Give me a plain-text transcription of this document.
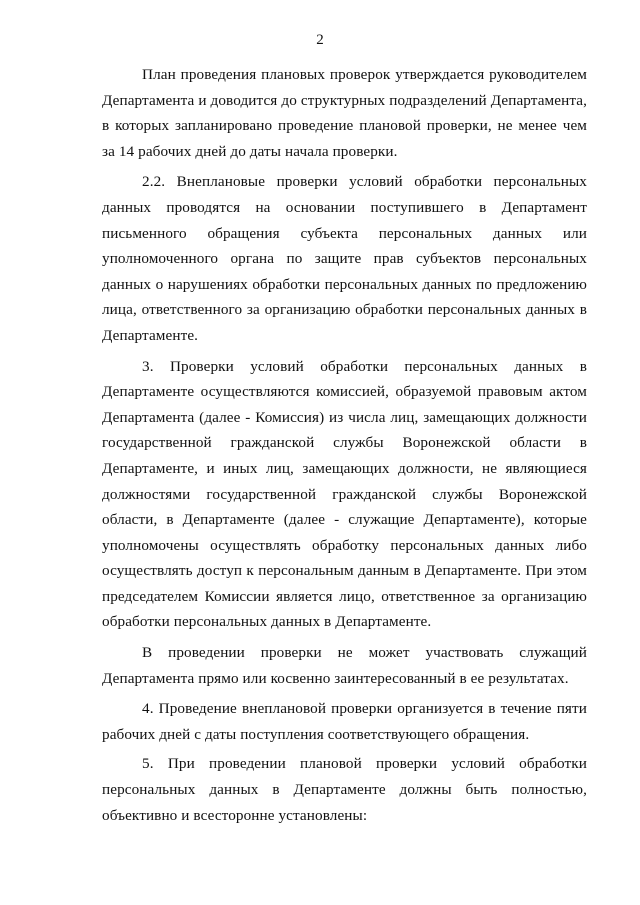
2

План проведения плановых проверок утверждается руководителем Департамента и доводится до структурных подразделений Департамента, в которых запланировано проведение плановой проверки, не менее чем за 14 рабочих дней до даты начала проверки.

2.2. Внеплановые проверки условий обработки персональных данных проводятся на основании поступившего в Департамент письменного обращения субъекта персональных данных или уполномоченного органа по защите прав субъектов персональных данных о нарушениях обработки персональных данных по предложению лица, ответственного за организацию обработки персональных данных в Департаменте.

3. Проверки условий обработки персональных данных в Департаменте осуществляются комиссией, образуемой правовым актом Департамента (далее - Комиссия) из числа лиц, замещающих должности государственной гражданской службы Воронежской области в Департаменте, и иных лиц, замещающих должности, не являющиеся должностями государственной гражданской службы Воронежской области, в Департаменте (далее - служащие Департаменте), которые уполномочены осуществлять обработку персональных данных либо осуществлять доступ к персональным данным в Департаменте. При этом председателем Комиссии является лицо, ответственное за организацию обработки персональных данных в Департаменте.

В проведении проверки не может участвовать служащий Департамента прямо или косвенно заинтересованный в ее результатах.

4. Проведение внеплановой проверки организуется в течение пяти рабочих дней с даты поступления соответствующего обращения.

5. При проведении плановой проверки условий обработки персональных данных в Департаменте должны быть полностью, объективно и всесторонне установлены:
